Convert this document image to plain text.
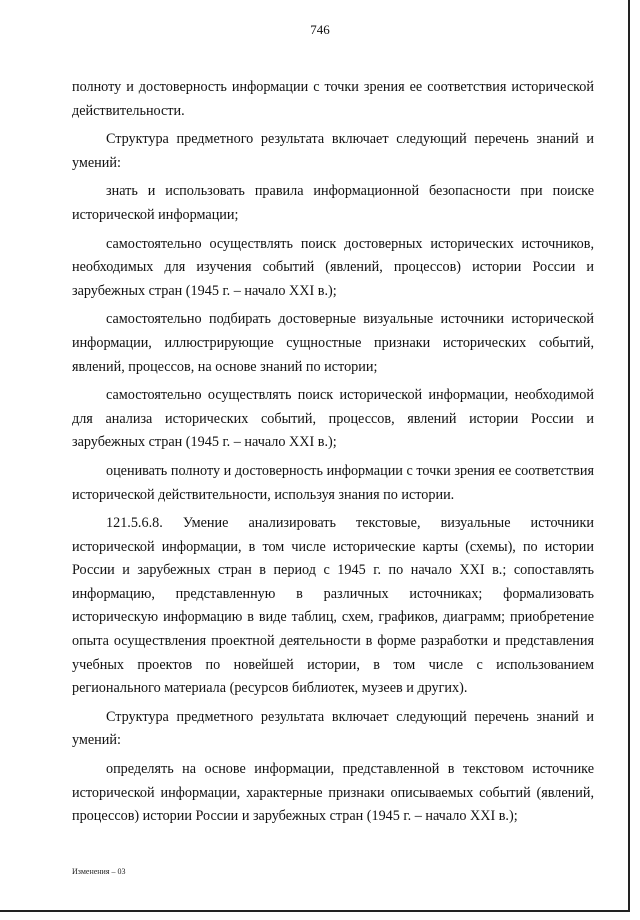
746

полноту и достоверность информации с точки зрения ее соответствия исторической действительности.

Структура предметного результата включает следующий перечень знаний и умений:

знать и использовать правила информационной безопасности при поиске исторической информации;

самостоятельно осуществлять поиск достоверных исторических источников, необходимых для изучения событий (явлений, процессов) истории России и зарубежных стран (1945 г. – начало XXI в.);

самостоятельно подбирать достоверные визуальные источники исторической информации, иллюстрирующие сущностные признаки исторических событий, явлений, процессов, на основе знаний по истории;

самостоятельно осуществлять поиск исторической информации, необходимой для анализа исторических событий, процессов, явлений истории России и зарубежных стран (1945 г. – начало XXI в.);

оценивать полноту и достоверность информации с точки зрения ее соответствия исторической действительности, используя знания по истории.

121.5.6.8. Умение анализировать текстовые, визуальные источники исторической информации, в том числе исторические карты (схемы), по истории России и зарубежных стран в период с 1945 г. по начало XXI в.; сопоставлять информацию, представленную в различных источниках; формализовать историческую информацию в виде таблиц, схем, графиков, диаграмм; приобретение опыта осуществления проектной деятельности в форме разработки и представления учебных проектов по новейшей истории, в том числе с использованием регионального материала (ресурсов библиотек, музеев и других).

Структура предметного результата включает следующий перечень знаний и умений:

определять на основе информации, представленной в текстовом источнике исторической информации, характерные признаки описываемых событий (явлений, процессов) истории России и зарубежных стран (1945 г. – начало XXI в.);

Изменения – 03
